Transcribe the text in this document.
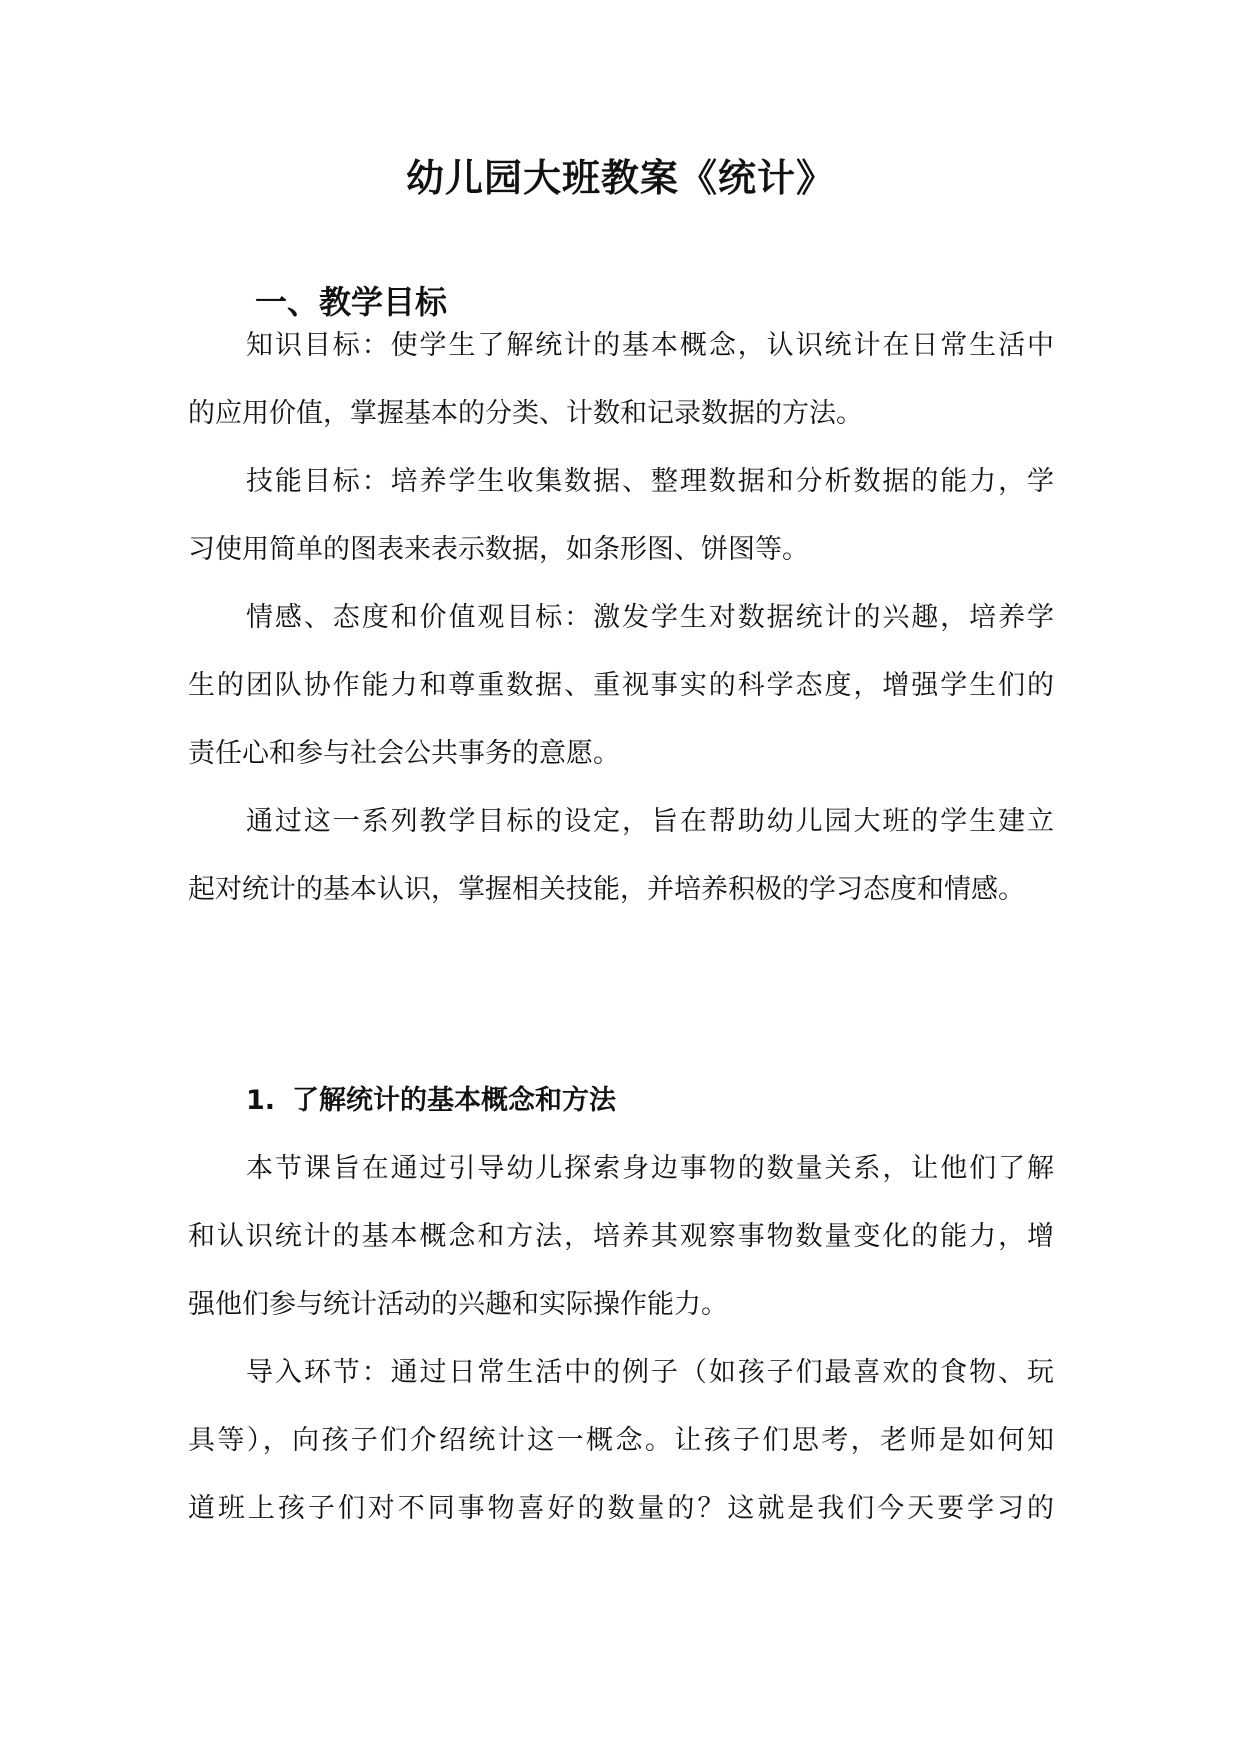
幼儿园大班教案《统计》
一、教学目标

知识目标：使学生了解统计的基本概念，认识统计在日常生活中

的应用价值，掌握基本的分类、计数和记录数据的方法。

技能目标：培养学生收集数据、整理数据和分析数据的能力，学

习使用简单的图表来表示数据，如条形图、饼图等。

情感、态度和价值观目标：激发学生对数据统计的兴趣，培养学

生的团队协作能力和尊重数据、重视事实的科学态度，增强学生们的

责任心和参与社会公共事务的意愿。

通过这一系列教学目标的设定，旨在帮助幼儿园大班的学生建立

起对统计的基本认识，掌握相关技能，并培养积极的学习态度和情感。

1. 了解统计的基本概念和方法

本节课旨在通过引导幼儿探索身边事物的数量关系，让他们了解

和认识统计的基本概念和方法，培养其观察事物数量变化的能力，增

强他们参与统计活动的兴趣和实际操作能力。

导入环节：通过日常生活中的例子（如孩子们最喜欢的食物、玩

具等），向孩子们介绍统计这一概念。让孩子们思考，老师是如何知

道班上孩子们对不同事物喜好的数量的？这就是我们今天要学习的
